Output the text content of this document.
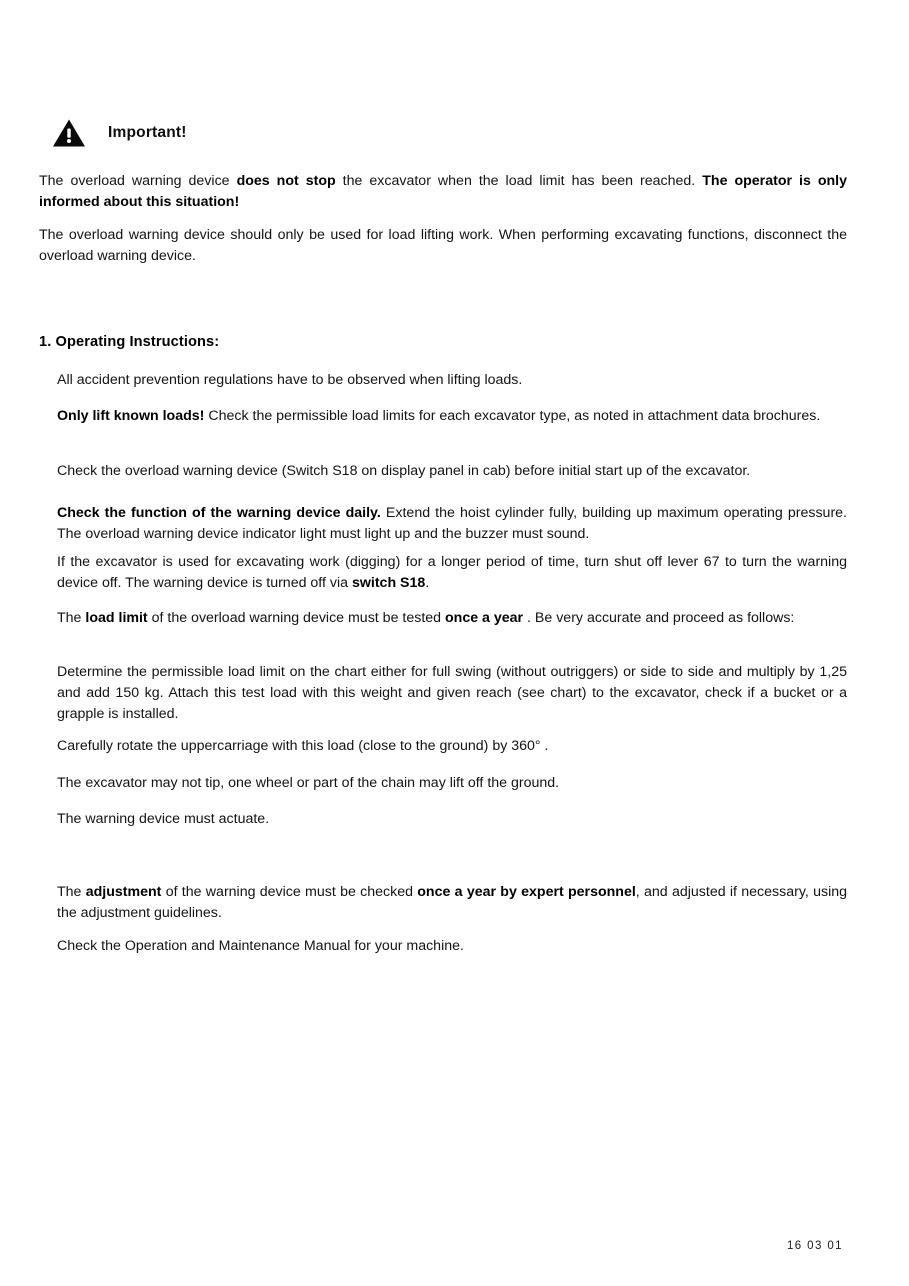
Important!
The overload warning device does not stop the excavator when the load limit has been reached. The operator is only informed about this situation!
The overload warning device should only be used for load lifting work. When performing excavating functions, disconnect the overload warning device.
1. Operating Instructions:
All accident prevention regulations have to be observed when lifting loads.
Only lift known loads! Check the permissible load limits for each excavator type, as noted in attachment data brochures.
Check the overload warning device (Switch S18 on display panel in cab) before initial start up of the excavator.
Check the function of the warning device daily. Extend the hoist cylinder fully, building up maximum operating pressure. The overload warning device indicator light must light up and the buzzer must sound.
If the excavator is used for excavating work (digging) for a longer period of time, turn shut off lever 67 to turn the warning device off. The warning device is turned off via switch S18.
The load limit of the overload warning device must be tested once a year . Be very accurate and proceed as follows:
Determine the permissible load limit on the chart either for full swing (without outriggers) or side to side and multiply by 1,25 and add 150 kg. Attach this test load with this weight and given reach (see chart) to the excavator, check if a bucket or a grapple is installed.
Carefully rotate the uppercarriage with this load (close to the ground) by 360° .
The excavator may not tip, one wheel or part of the chain may lift off the ground.
The warning device must actuate.
The adjustment of the warning device must be checked once a year by expert personnel, and adjusted if necessary, using the adjustment guidelines.
Check the Operation and Maintenance Manual for your machine.
16 03 01
